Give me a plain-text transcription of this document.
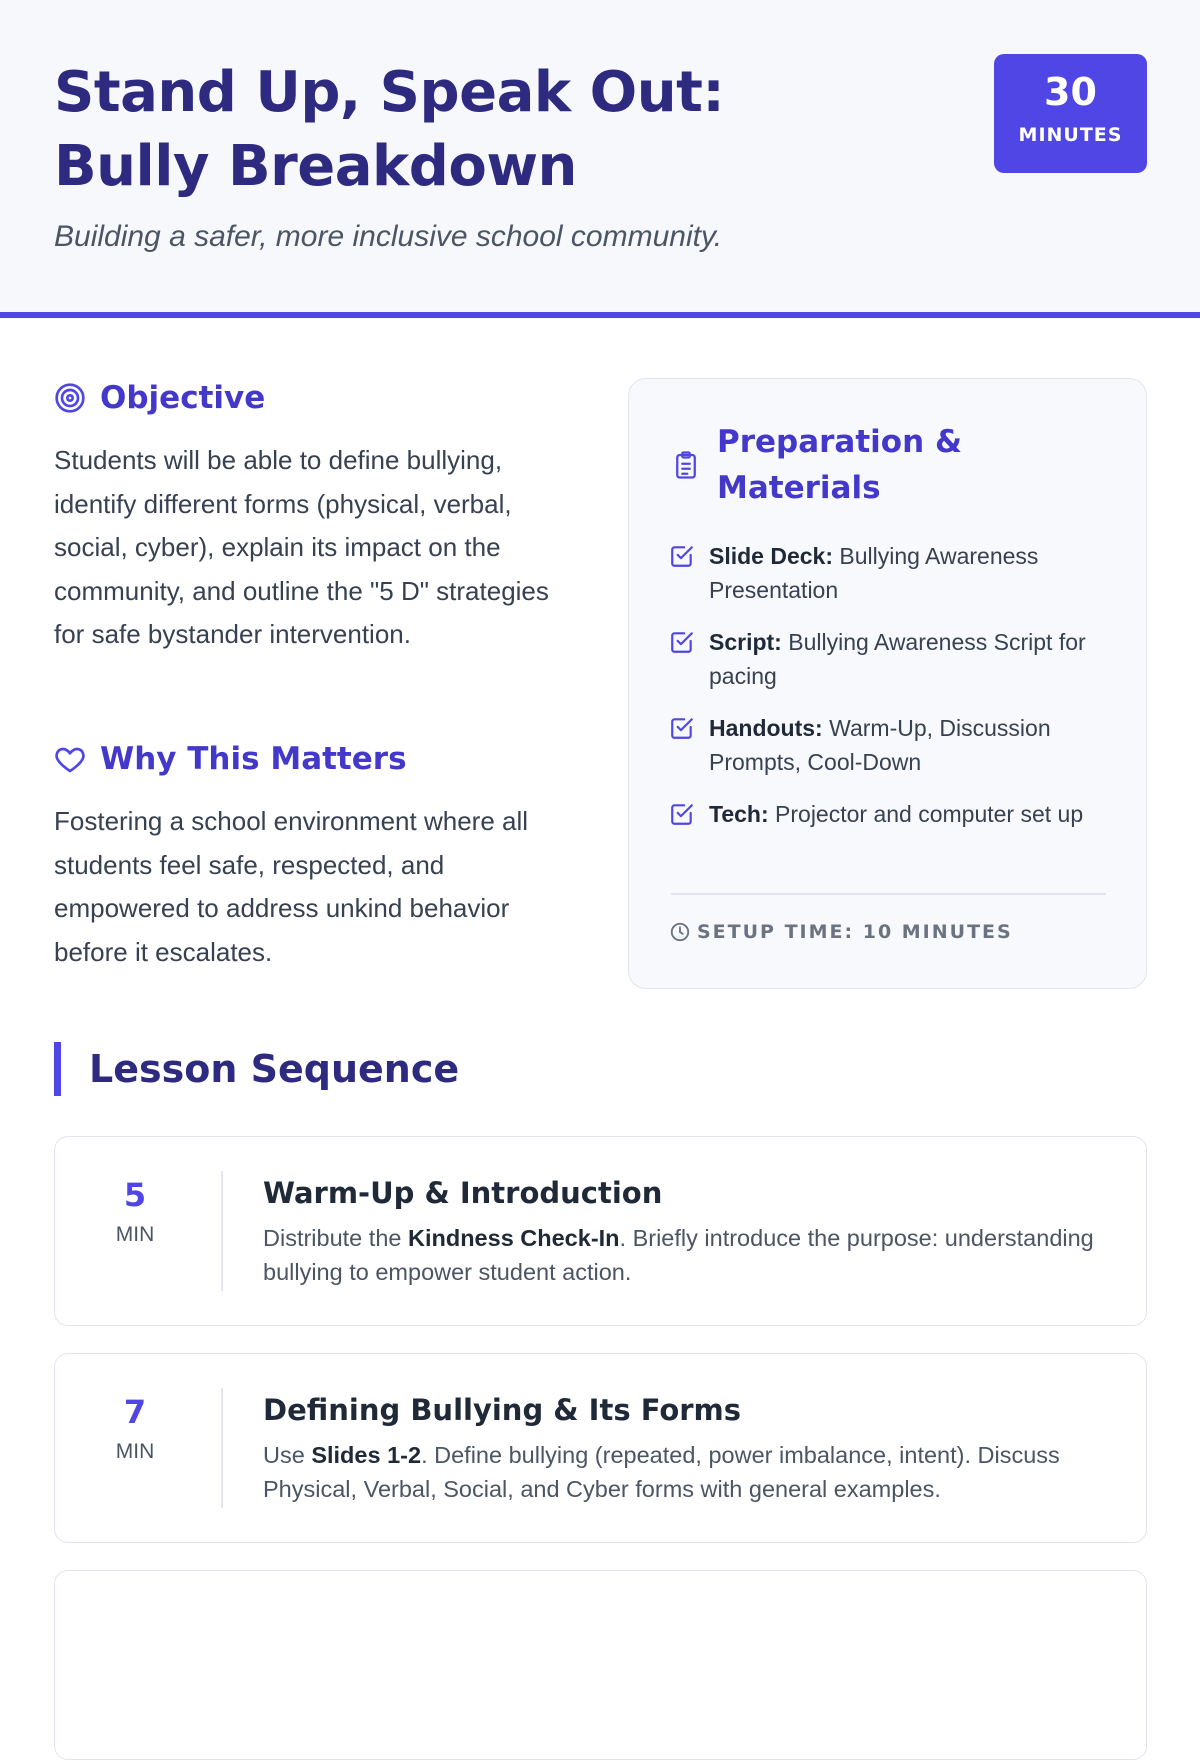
Stand Up, Speak Out:
Bully Breakdown

Building a safer, more inclusive school community.

30
MINUTES
Objective

Students will be able to define bullying, identify different forms (physical, verbal, social, cyber), explain its impact on the community, and outline the "5 D" strategies for safe bystander intervention.

Why This Matters

Fostering a school environment where all students feel safe, respected, and empowered to address unkind behavior before it escalates.

Preparation & Materials
Slide Deck: Bullying Awareness Presentation
Script: Bullying Awareness Script for pacing
Handouts: Warm-Up, Discussion Prompts, Cool-Down
Tech: Projector and computer set up
SETUP TIME: 10 MINUTES
Lesson Sequence
5
MIN
Warm-Up & Introduction

Distribute the Kindness Check-In. Briefly introduce the purpose: understanding bullying to empower student action.

7
MIN
Defining Bullying & Its Forms

Use Slides 1-2. Define bullying (repeated, power imbalance, intent). Discuss Physical, Verbal, Social, and Cyber forms with general examples.
